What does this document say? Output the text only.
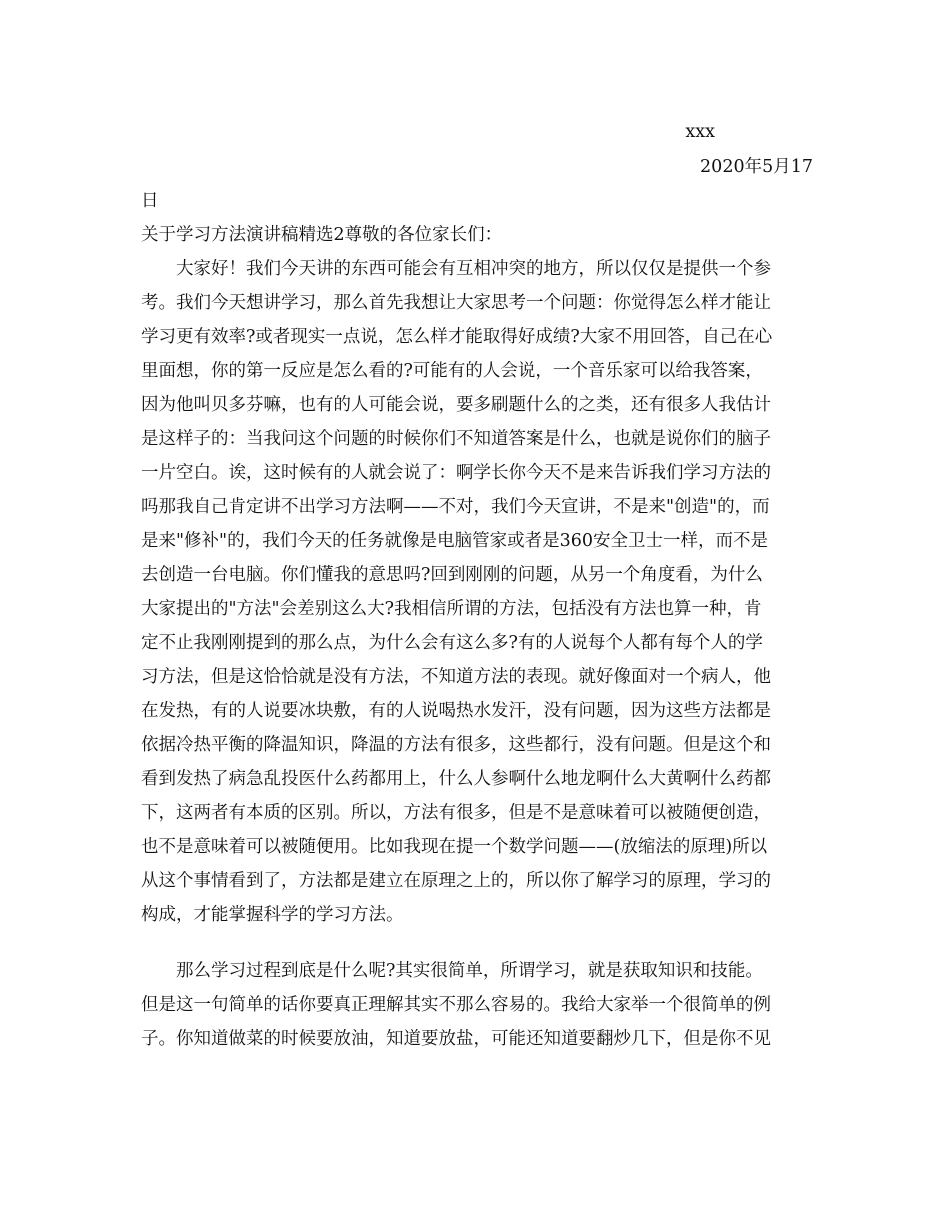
xxx
2020年5月17
日
关于学习方法演讲稿精选2尊敬的各位家长们：
大家好！我们今天讲的东西可能会有互相冲突的地方，所以仅仅是提供一个参
考。我们今天想讲学习，那么首先我想让大家思考一个问题：你觉得怎么样才能让
学习更有效率?或者现实一点说，怎么样才能取得好成绩?大家不用回答，自己在心
里面想，你的第一反应是怎么看的?可能有的人会说，一个音乐家可以给我答案，
因为他叫贝多芬嘛，也有的人可能会说，要多刷题什么的之类，还有很多人我估计
是这样子的：当我问这个问题的时候你们不知道答案是什么，也就是说你们的脑子
一片空白。诶，这时候有的人就会说了：啊学长你今天不是来告诉我们学习方法的
吗那我自己肯定讲不出学习方法啊——不对，我们今天宣讲，不是来"创造"的，而
是来"修补"的，我们今天的任务就像是电脑管家或者是360安全卫士一样，而不是
去创造一台电脑。你们懂我的意思吗?回到刚刚的问题，从另一个角度看，为什么
大家提出的"方法"会差别这么大?我相信所谓的方法，包括没有方法也算一种，肯
定不止我刚刚提到的那么点，为什么会有这么多?有的人说每个人都有每个人的学
习方法，但是这恰恰就是没有方法，不知道方法的表现。就好像面对一个病人，他
在发热，有的人说要冰块敷，有的人说喝热水发汗，没有问题，因为这些方法都是
依据冷热平衡的降温知识，降温的方法有很多，这些都行，没有问题。但是这个和
看到发热了病急乱投医什么药都用上，什么人参啊什么地龙啊什么大黄啊什么药都
下，这两者有本质的区别。所以，方法有很多，但是不是意味着可以被随便创造，
也不是意味着可以被随便用。比如我现在提一个数学问题——(放缩法的原理)所以
从这个事情看到了，方法都是建立在原理之上的，所以你了解学习的原理，学习的
构成，才能掌握科学的学习方法。
那么学习过程到底是什么呢?其实很简单，所谓学习，就是获取知识和技能。
但是这一句简单的话你要真正理解其实不那么容易的。我给大家举一个很简单的例
子。你知道做菜的时候要放油，知道要放盐，可能还知道要翻炒几下，但是你不见
